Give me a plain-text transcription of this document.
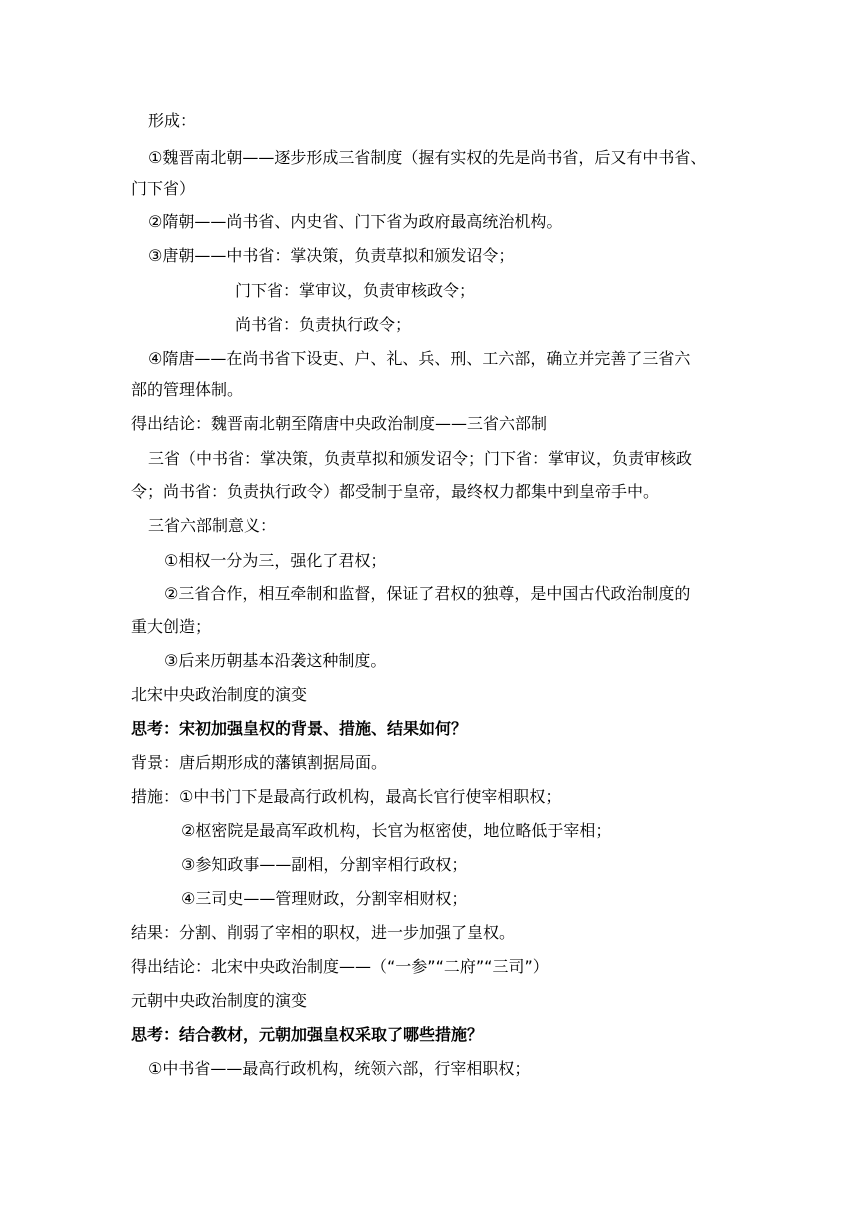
形成：
①魏晋南北朝——逐步形成三省制度（握有实权的先是尚书省，后又有中书省、
门下省）
②隋朝——尚书省、内史省、门下省为政府最高统治机构。
③唐朝——中书省：掌决策，负责草拟和颁发诏令；
门下省：掌审议，负责审核政令；
尚书省：负责执行政令；
④隋唐——在尚书省下设吏、户、礼、兵、刑、工六部，确立并完善了三省六
部的管理体制。
得出结论：魏晋南北朝至隋唐中央政治制度——三省六部制
三省（中书省：掌决策，负责草拟和颁发诏令；门下省：掌审议，负责审核政
令；尚书省：负责执行政令）都受制于皇帝，最终权力都集中到皇帝手中。
三省六部制意义：
①相权一分为三，强化了君权；
②三省合作，相互牵制和监督，保证了君权的独尊，是中国古代政治制度的
重大创造；
③后来历朝基本沿袭这种制度。
北宋中央政治制度的演变
思考：宋初加强皇权的背景、措施、结果如何？
背景：唐后期形成的藩镇割据局面。
措施：①中书门下是最高行政机构，最高长官行使宰相职权；
②枢密院是最高军政机构，长官为枢密使，地位略低于宰相；
③参知政事——副相，分割宰相行政权；
④三司史——管理财政，分割宰相财权；
结果：分割、削弱了宰相的职权，进一步加强了皇权。
得出结论：北宋中央政治制度——（“一参”“二府”“三司”）
元朝中央政治制度的演变
思考：结合教材，元朝加强皇权采取了哪些措施？
①中书省——最高行政机构，统领六部，行宰相职权；
